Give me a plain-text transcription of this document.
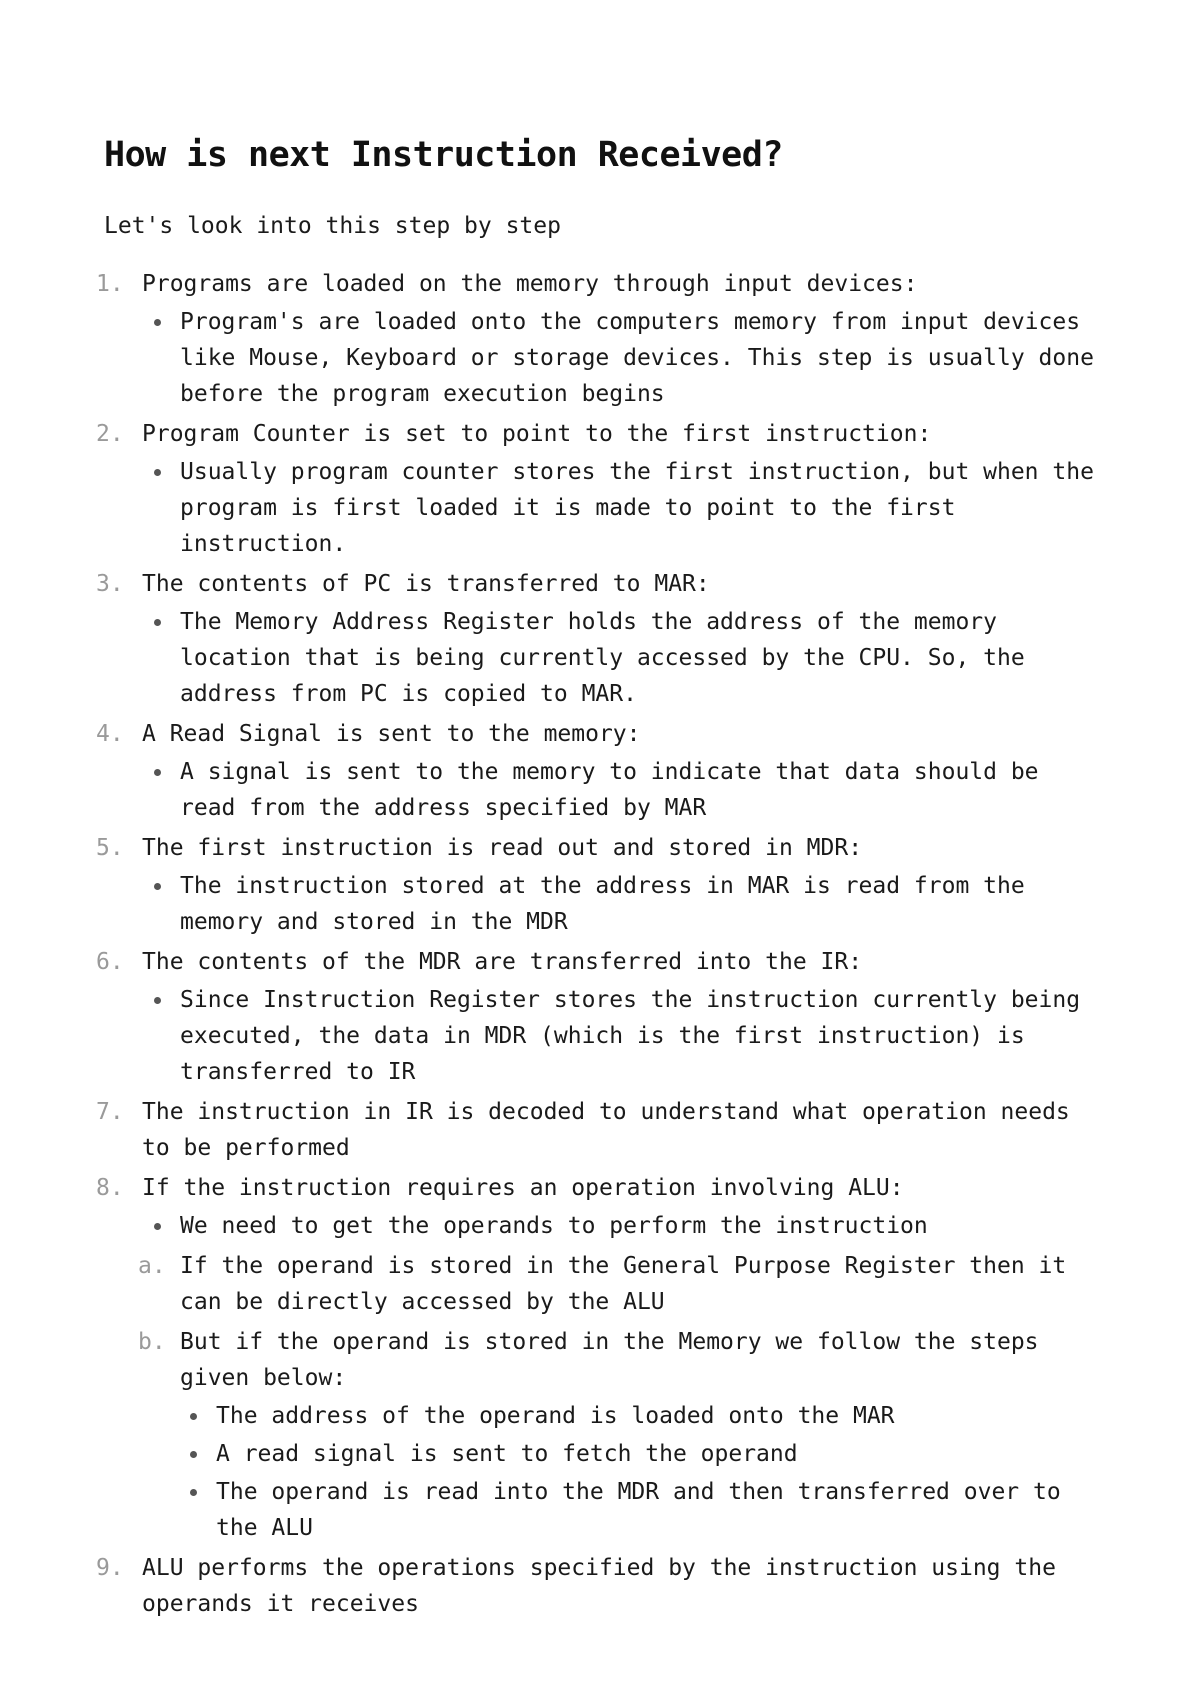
How is next Instruction Received?

Let's look into this step by step

1. Programs are loaded on the memory through input devices:
Program's are loaded onto the computers memory from input devices like Mouse, Keyboard or storage devices. This step is usually done before the program execution begins
2. Program Counter is set to point to the first instruction:
Usually program counter stores the first instruction, but when the program is first loaded it is made to point to the first instruction.
3. The contents of PC is transferred to MAR:
The Memory Address Register holds the address of the memory location that is being currently accessed by the CPU. So, the address from PC is copied to MAR.
4. A Read Signal is sent to the memory:
A signal is sent to the memory to indicate that data should be read from the address specified by MAR
5. The first instruction is read out and stored in MDR:
The instruction stored at the address in MAR is read from the memory and stored in the MDR
6. The contents of the MDR are transferred into the IR:
Since Instruction Register stores the instruction currently being executed, the data in MDR (which is the first instruction) is transferred to IR
7. The instruction in IR is decoded to understand what operation needs to be performed
8. If the instruction requires an operation involving ALU:
We need to get the operands to perform the instruction
a. If the operand is stored in the General Purpose Register then it can be directly accessed by the ALU
b. But if the operand is stored in the Memory we follow the steps given below:
The address of the operand is loaded onto the MAR
A read signal is sent to fetch the operand
The operand is read into the MDR and then transferred over to the ALU
9. ALU performs the operations specified by the instruction using the operands it receives
